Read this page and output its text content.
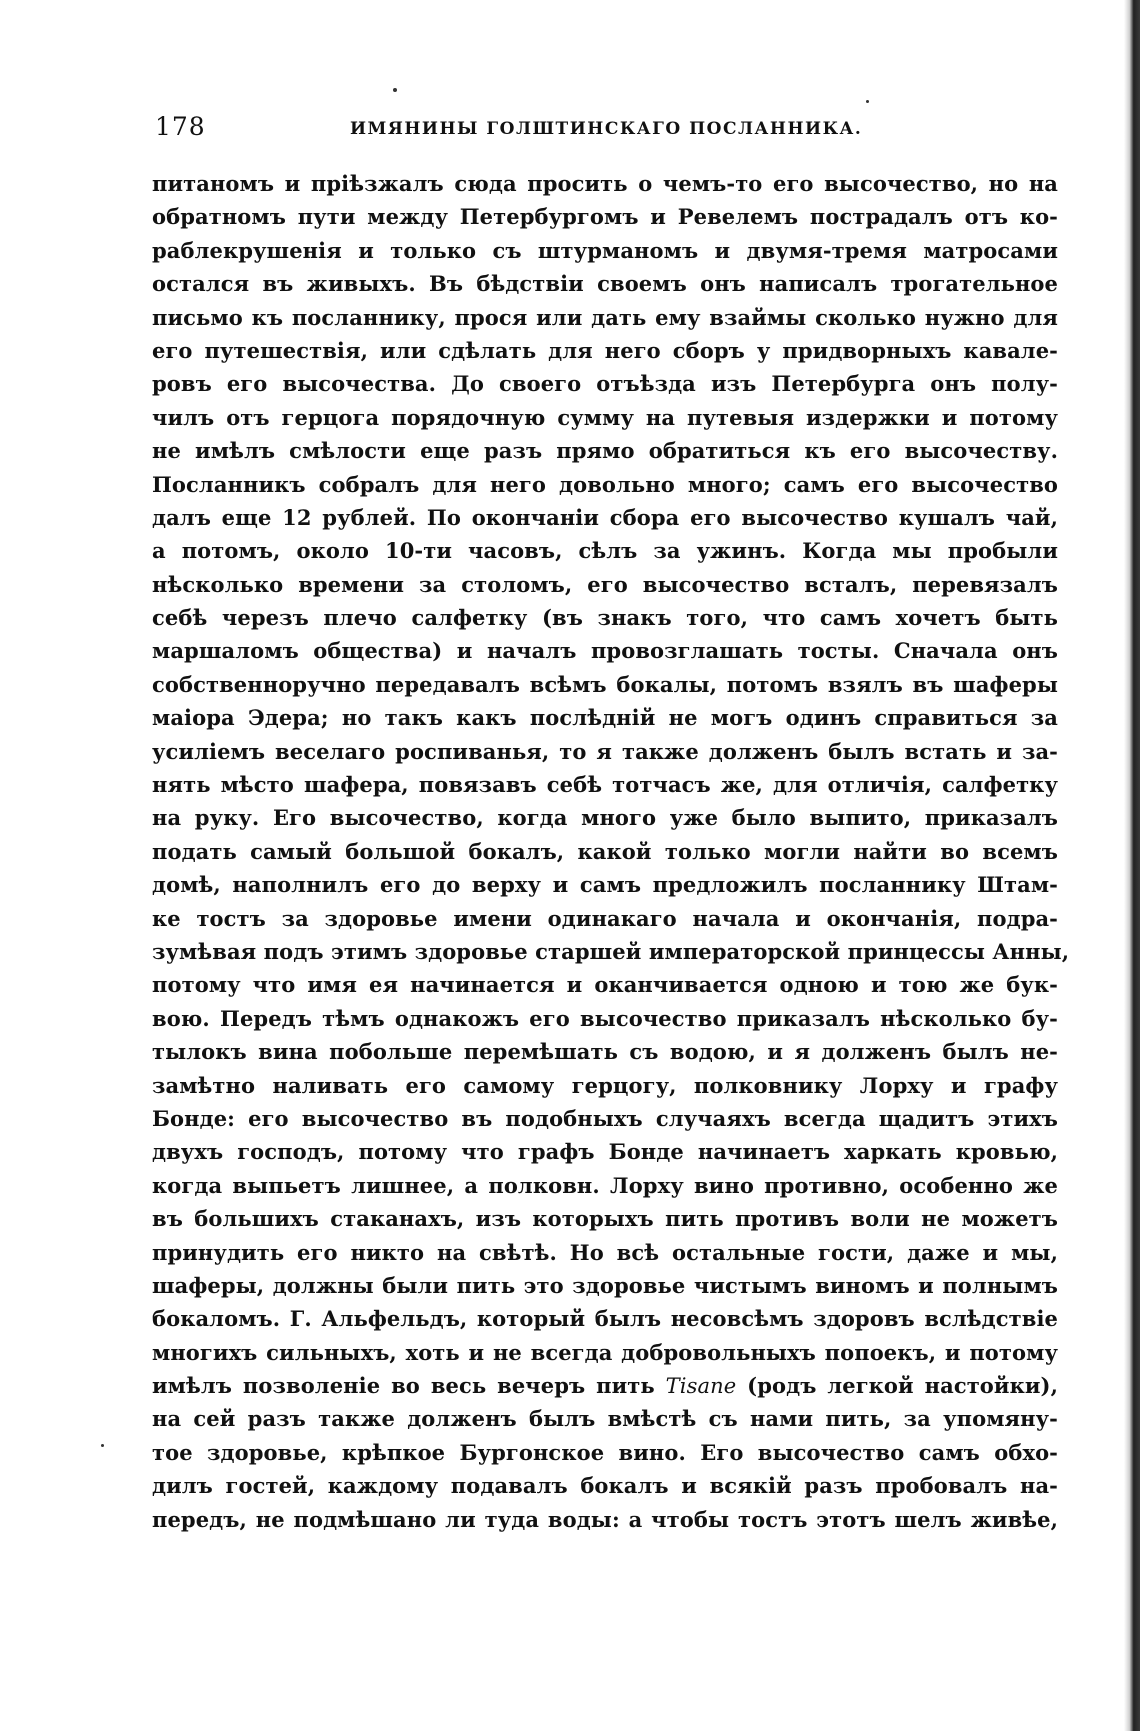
178	ИМЯНИНЫ ГОЛШТИНСКАГО ПОСЛАННИКА.
питаномъ и пріѣзжалъ сюда просить о чемъ-то его высочество, но на
обратномъ пути между Петербургомъ и Ревелемъ пострадалъ отъ ко-
раблекрушенія и только съ штурманомъ и двумя-тремя матросами
остался въ живыхъ. Въ бѣдствіи своемъ онъ написалъ трогательное
письмо къ посланнику, прося или дать ему взаймы сколько нужно для
его путешествія, или сдѣлать для него сборъ у придворныхъ кавале-
ровъ его высочества. До своего отъѣзда изъ Петербурга онъ полу-
чилъ отъ герцога порядочную сумму на путевыя издержки и потому
не имѣлъ смѣлости еще разъ прямо обратиться къ его высочеству.
Посланникъ собралъ для него довольно много; самъ его высочество
далъ еще 12 рублей. По окончаніи сбора его высочество кушалъ чай,
а потомъ, около 10-ти часовъ, сѣлъ за ужинъ. Когда мы пробыли
нѣсколько времени за столомъ, его высочество всталъ, перевязалъ
себѣ черезъ плечо салфетку (въ знакъ того, что самъ хочетъ быть
маршаломъ общества) и началъ провозглашать тосты. Сначала онъ
собственноручно передавалъ всѣмъ бокалы, потомъ взялъ въ шаферы
маіора Эдера; но такъ какъ послѣдній не могъ одинъ справиться за
усиліемъ веселаго роспиванья, то я также долженъ былъ встать и за-
нять мѣсто шафера, повязавъ себѣ тотчасъ же, для отличія, салфетку
на руку. Его высочество, когда много уже было выпито, приказалъ
подать самый большой бокалъ, какой только могли найти во всемъ
домѣ, наполнилъ его до верху и самъ предложилъ посланнику Штам-
ке тостъ за здоровье имени одинакаго начала и окончанія, подра-
зумѣвая подъ этимъ здоровье старшей императорской принцессы Анны,
потому что имя ея начинается и оканчивается одною и тою же бук-
вою. Передъ тѣмъ однакожъ его высочество приказалъ нѣсколько бу-
тылокъ вина побольше перемѣшать съ водою, и я долженъ былъ не-
замѣтно наливать его самому герцогу, полковнику Лорху и графу
Бонде: его высочество въ подобныхъ случаяхъ всегда щадитъ этихъ
двухъ господъ, потому что графъ Бонде начинаетъ харкать кровью,
когда выпьетъ лишнее, а полковн. Лорху вино противно, особенно же
въ большихъ стаканахъ, изъ которыхъ пить противъ воли не можетъ
принудить его никто на свѣтѣ. Но всѣ остальные гости, даже и мы,
шаферы, должны были пить это здоровье чистымъ виномъ и полнымъ
бокаломъ. Г. Альфельдъ, который былъ несовсѣмъ здоровъ вслѣдствіе
многихъ сильныхъ, хоть и не всегда добровольныхъ попоекъ, и потому
имѣлъ позволеніе во весь вечеръ пить Tisane (родъ легкой настойки),
на сей разъ также долженъ былъ вмѣстѣ съ нами пить, за упомяну-
тое здоровье, крѣпкое Бургонское вино. Его высочество самъ обхо-
дилъ гостей, каждому подавалъ бокалъ и всякій разъ пробовалъ на-
передъ, не подмѣшано ли туда воды: а чтобы тостъ этотъ шелъ живѣе,
